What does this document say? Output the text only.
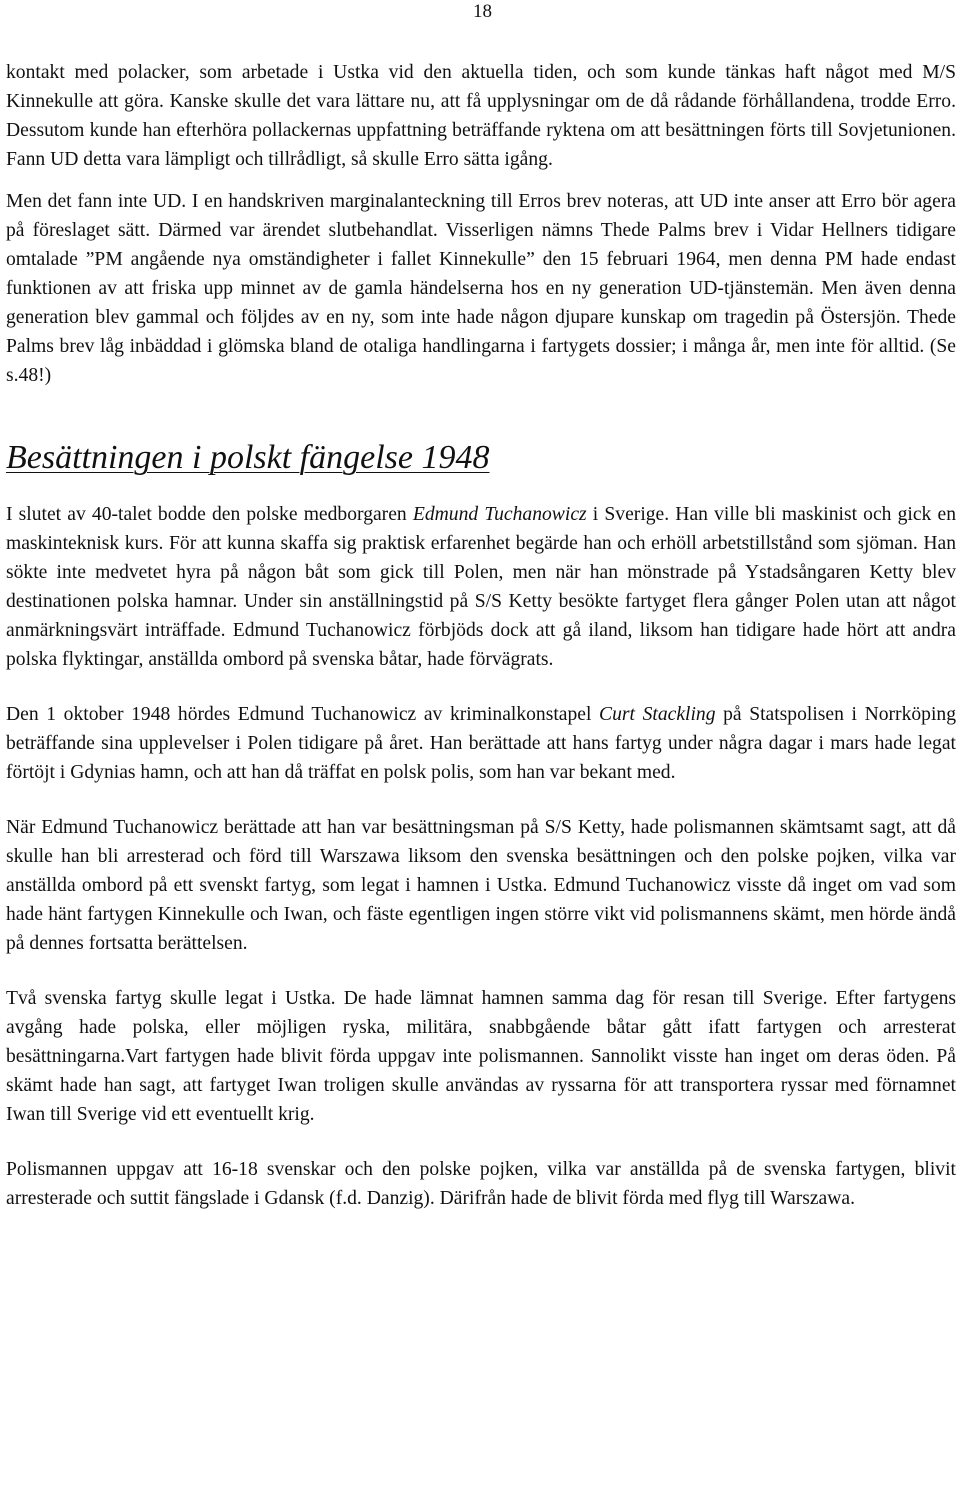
18

kontakt med polacker, som arbetade i Ustka vid den aktuella tiden, och som kunde tänkas haft något med M/S Kinnekulle att göra. Kanske skulle det vara lättare nu, att få upplysningar om de då rådande förhållandena, trodde Erro. Dessutom kunde han efterhöra pollackernas uppfattning beträffande ryktena om att besättningen förts till Sovjetunionen. Fann UD detta vara lämpligt och tillrådligt, så skulle Erro sätta igång.

Men det fann inte UD. I en handskriven marginalanteckning till Erros brev noteras, att UD inte anser att Erro bör agera på föreslaget sätt. Därmed var ärendet slutbehandlat. Visserligen nämns Thede Palms brev i Vidar Hellners tidigare omtalade ”PM angående nya omständigheter i fallet Kinnekulle” den 15 februari 1964, men denna PM hade endast funktionen av att friska upp minnet av de gamla händelserna hos en ny generation UD-tjänstemän. Men även denna generation blev gammal och följdes av en ny, som inte hade någon djupare kunskap om tragedin på Östersjön. Thede Palms brev låg inbäddad i glömska bland de otaliga handlingarna i fartygets dossier; i många år, men inte för alltid. (Se s.48!)

Besättningen i polskt fängelse 1948

I slutet av 40-talet bodde den polske medborgaren Edmund Tuchanowicz i Sverige. Han ville bli maskinist och gick en maskinteknisk kurs. För att kunna skaffa sig praktisk erfarenhet begärde han och erhöll arbetstillstånd som sjöman. Han sökte inte medvetet hyra på någon båt som gick till Polen, men när han mönstrade på Ystadsångaren Ketty blev destinationen polska hamnar. Under sin anställningstid på S/S Ketty besökte fartyget flera gånger Polen utan att något anmärkningsvärt inträffade. Edmund Tuchanowicz förbjöds dock att gå iland, liksom han tidigare hade hört att andra polska flyktingar, anställda ombord på svenska båtar, hade förvägrats.

Den 1 oktober 1948 hördes Edmund Tuchanowicz av kriminalkonstapel Curt Stackling på Statspolisen i Norrköping beträffande sina upplevelser i Polen tidigare på året. Han berättade att hans fartyg under några dagar i mars hade legat förtöjt i Gdynias hamn, och att han då träffat en polsk polis, som han var bekant med.

När Edmund Tuchanowicz berättade att han var besättningsman på S/S Ketty, hade polismannen skämtsamt sagt, att då skulle han bli arresterad och förd till Warszawa liksom den svenska besättningen och den polske pojken, vilka var anställda ombord på ett svenskt fartyg, som legat i hamnen i Ustka. Edmund Tuchanowicz visste då inget om vad som hade hänt fartygen Kinnekulle och Iwan, och fäste egentligen ingen större vikt vid polismannens skämt, men hörde ändå på dennes fortsatta berättelsen.

Två svenska fartyg skulle legat i Ustka. De hade lämnat hamnen samma dag för resan till Sverige. Efter fartygens avgång hade polska, eller möjligen ryska, militära, snabbgående båtar gått ifatt fartygen och arresterat besättningarna.Vart fartygen hade blivit förda uppgav inte polismannen. Sannolikt visste han inget om deras öden. På skämt hade han sagt, att fartyget Iwan troligen skulle användas av ryssarna för att transportera ryssar med förnamnet Iwan till Sverige vid ett eventuellt krig.

Polismannen uppgav att 16-18 svenskar och den polske pojken, vilka var anställda på de svenska fartygen, blivit arresterade och suttit fängslade i Gdansk (f.d. Danzig). Därifrån hade de blivit förda med flyg till Warszawa.
